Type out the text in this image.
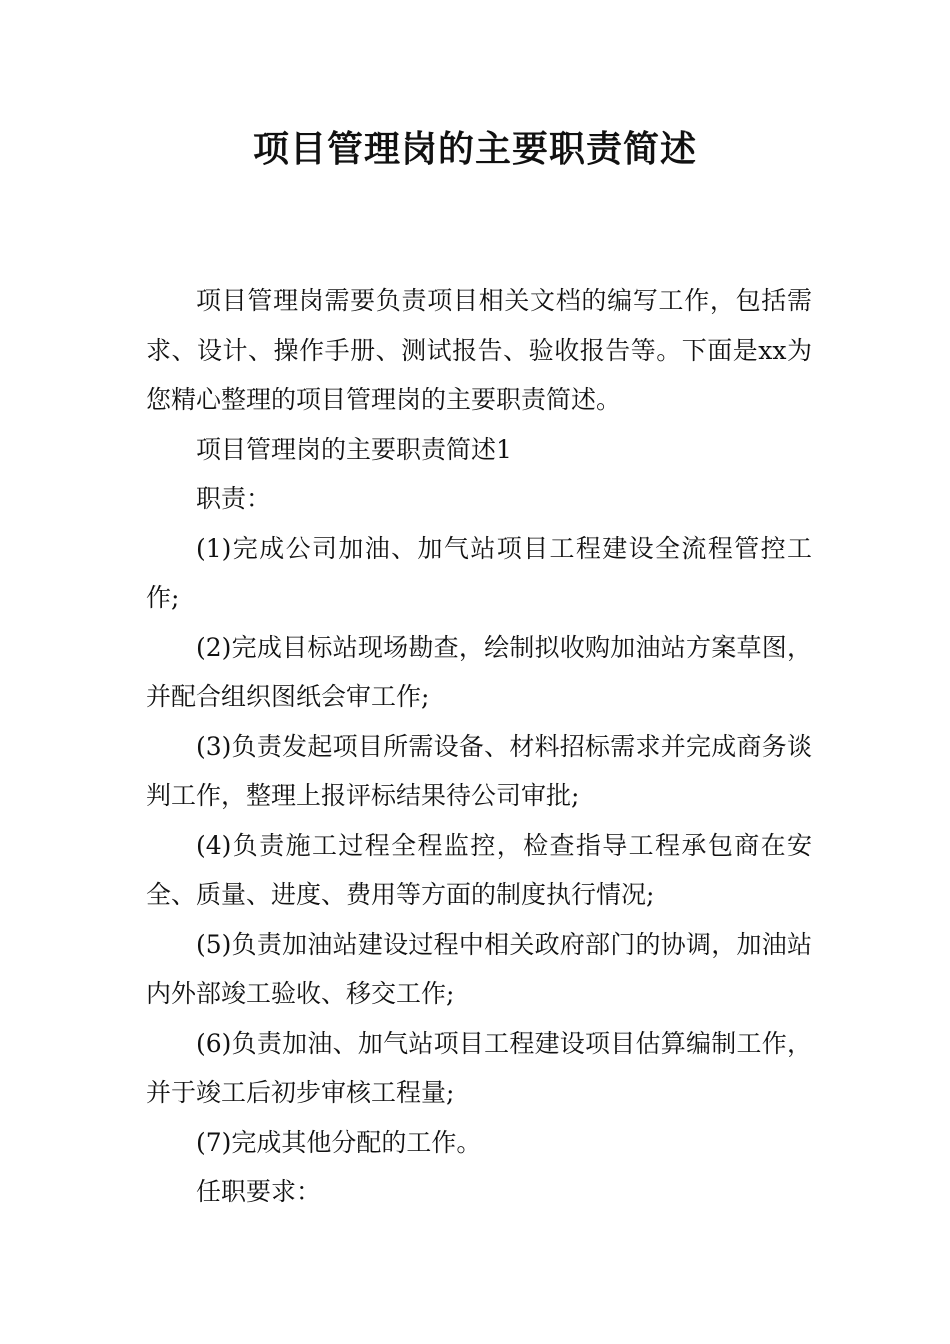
项目管理岗的主要职责简述

项目管理岗需要负责项目相关文档的编写工作，包括需求、设计、操作手册、测试报告、验收报告等。下面是xx为您精心整理的项目管理岗的主要职责简述。

项目管理岗的主要职责简述1

职责：

(1)完成公司加油、加气站项目工程建设全流程管控工作;

(2)完成目标站现场勘查，绘制拟收购加油站方案草图，并配合组织图纸会审工作;

(3)负责发起项目所需设备、材料招标需求并完成商务谈判工作，整理上报评标结果待公司审批;

(4)负责施工过程全程监控，检查指导工程承包商在安全、质量、进度、费用等方面的制度执行情况;

(5)负责加油站建设过程中相关政府部门的协调，加油站内外部竣工验收、移交工作;

(6)负责加油、加气站项目工程建设项目估算编制工作，并于竣工后初步审核工程量;

(7)完成其他分配的工作。

任职要求：
